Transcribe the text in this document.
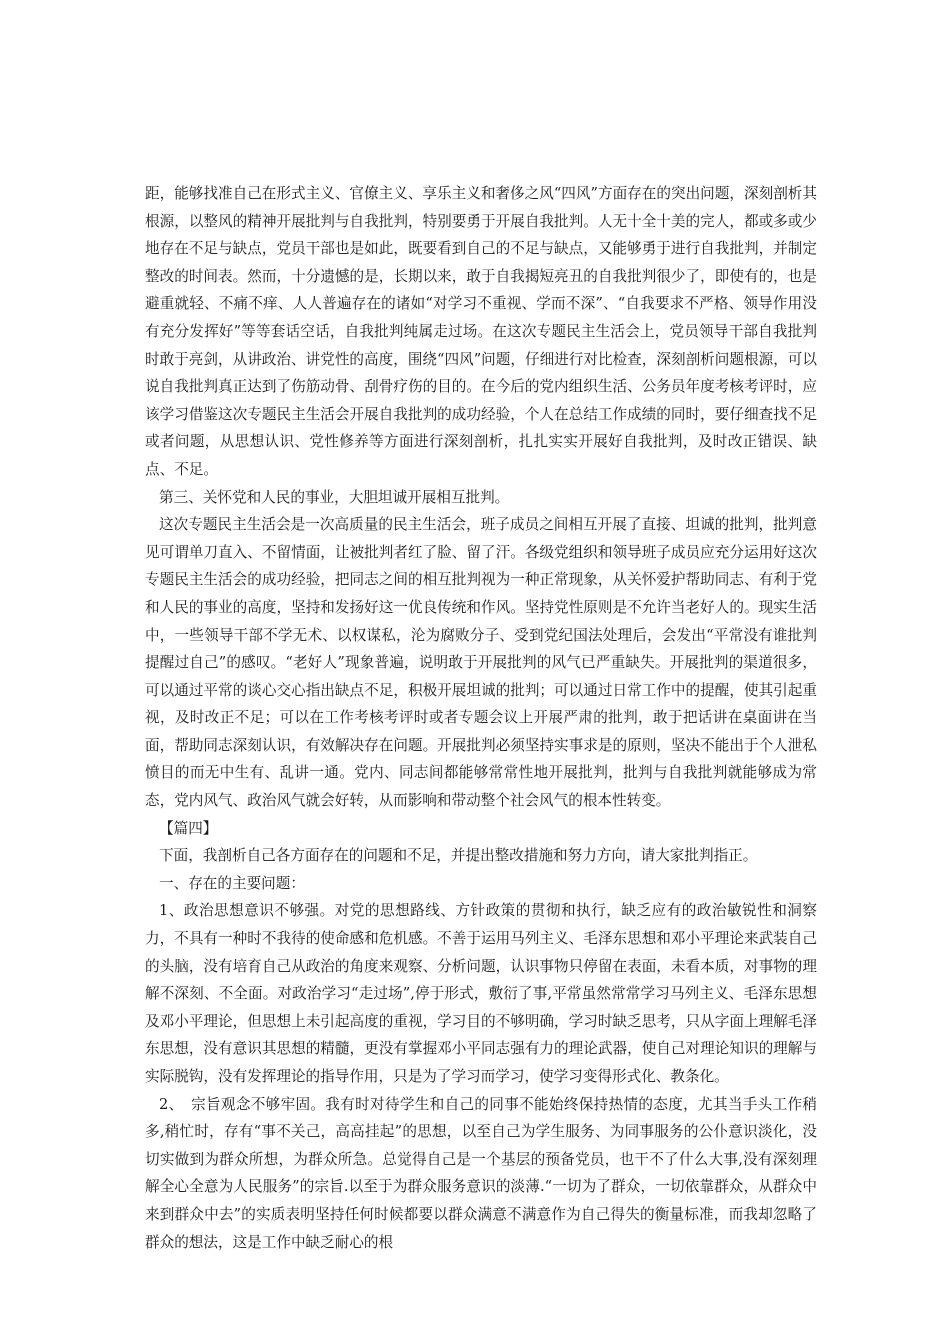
距，能够找准自己在形式主义、官僚主义、享乐主义和奢侈之风“四风”方面存在的突出问题，深刻剖析其根源，以整风的精神开展批判与自我批判，特别要勇于开展自我批判。人无十全十美的完人，都或多或少地存在不足与缺点，党员干部也是如此，既要看到自己的不足与缺点，又能够勇于进行自我批判，并制定整改的时间表。然而，十分遗憾的是，长期以来，敢于自我揭短亮丑的自我批判很少了，即使有的，也是避重就轻、不痛不痒、人人普遍存在的诸如“对学习不重视、学而不深”、“自我要求不严格、领导作用没有充分发挥好”等等套话空话，自我批判纯属走过场。在这次专题民主生活会上，党员领导干部自我批判时敢于亮剑，从讲政治、讲党性的高度，围绕“四风”问题，仔细进行对比检查，深刻剖析问题根源，可以说自我批判真正达到了伤筋动骨、刮骨疗伤的目的。在今后的党内组织生活、公务员年度考核考评时，应该学习借鉴这次专题民主生活会开展自我批判的成功经验，个人在总结工作成绩的同时，要仔细查找不足或者问题，从思想认识、党性修养等方面进行深刻剖析，扎扎实实开展好自我批判，及时改正错误、缺点、不足。

第三、关怀党和人民的事业，大胆坦诚开展相互批判。

这次专题民主生活会是一次高质量的民主生活会，班子成员之间相互开展了直接、坦诚的批判，批判意见可谓单刀直入、不留情面，让被批判者红了脸、留了汗。各级党组织和领导班子成员应充分运用好这次专题民主生活会的成功经验，把同志之间的相互批判视为一种正常现象，从关怀爱护帮助同志、有利于党和人民的事业的高度，坚持和发扬好这一优良传统和作风。坚持党性原则是不允许当老好人的。现实生活中，一些领导干部不学无术、以权谋私，沦为腐败分子、受到党纪国法处理后，会发出“平常没有谁批判提醒过自己”的感叹。“老好人”现象普遍，说明敢于开展批判的风气已严重缺失。开展批判的渠道很多，可以通过平常的谈心交心指出缺点不足，积极开展坦诚的批判；可以通过日常工作中的提醒，使其引起重视，及时改正不足；可以在工作考核考评时或者专题会议上开展严肃的批判，敢于把话讲在桌面讲在当面，帮助同志深刻认识，有效解决存在问题。开展批判必须坚持实事求是的原则，坚决不能出于个人泄私愤目的而无中生有、乱讲一通。党内、同志间都能够常常性地开展批判，批判与自我批判就能够成为常态，党内风气、政治风气就会好转，从而影响和带动整个社会风气的根本性转变。

【篇四】

下面，我剖析自己各方面存在的问题和不足，并提出整改措施和努力方向，请大家批判指正。

一、存在的主要问题：

1、政治思想意识不够强。对党的思想路线、方针政策的贯彻和执行，缺乏应有的政治敏锐性和洞察力，不具有一种时不我待的使命感和危机感。不善于运用马列主义、毛泽东思想和邓小平理论来武装自己的头脑，没有培育自己从政治的角度来观察、分析问题，认识事物只停留在表面，未看本质，对事物的理解不深刻、不全面。对政治学习“走过场”,停于形式，敷衍了事,平常虽然常常学习马列主义、毛泽东思想及邓小平理论，但思想上未引起高度的重视，学习目的不够明确，学习时缺乏思考，只从字面上理解毛泽东思想，没有意识其思想的精髓，更没有掌握邓小平同志强有力的理论武器，使自己对理论知识的理解与实际脱钩，没有发挥理论的指导作用，只是为了学习而学习，使学习变得形式化、教条化。

2、　宗旨观念不够牢固。我有时对待学生和自己的同事不能始终保持热情的态度，尤其当手头工作稍多,稍忙时，存有“事不关己，高高挂起”的思想，以至自己为学生服务、为同事服务的公仆意识淡化，没切实做到为群众所想，为群众所急。总觉得自己是一个基层的预备党员，也干不了什么大事,没有深刻理解全心全意为人民服务”的宗旨.以至于为群众服务意识的淡薄.“一切为了群众，一切依靠群众，从群众中来到群众中去”的实质表明坚持任何时候都要以群众满意不满意作为自己得失的衡量标准，而我却忽略了群众的想法，这是工作中缺乏耐心的根
